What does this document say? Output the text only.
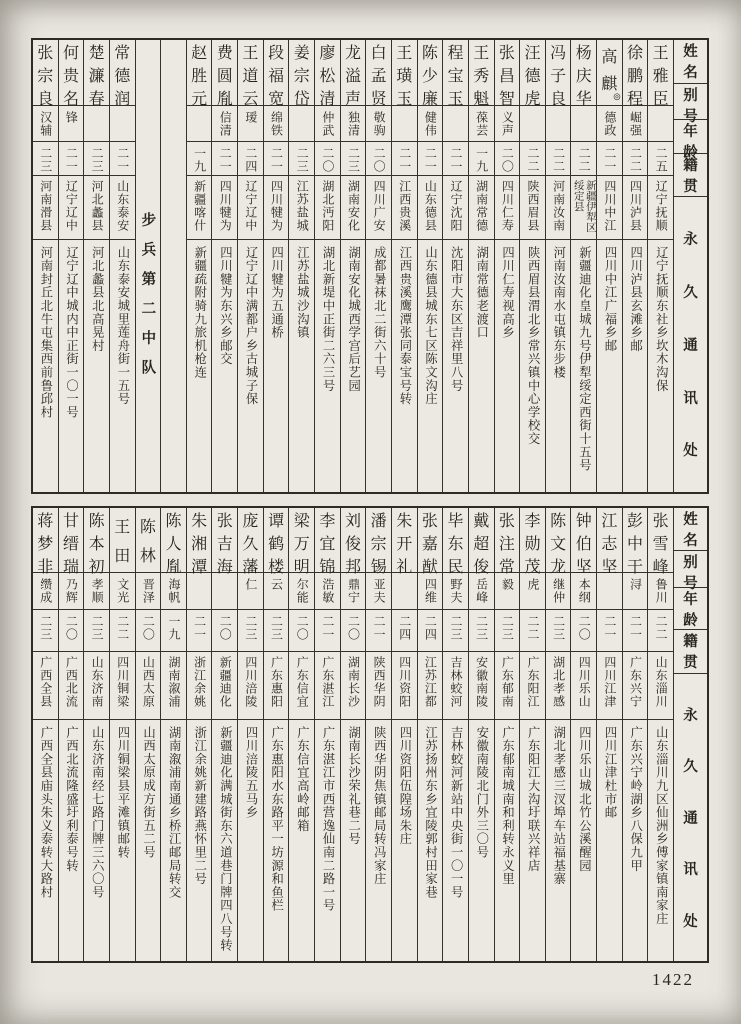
姓
名
别
号
年
龄
籍
贯
永
久
通
讯
处
王
雅
臣
二五
辽宁抚顺
辽宁抚顺东社乡坎木沟保
徐
鹏
程
崛强
二二
四川泸县
四川泸县玄滩乡邮
高
麒
◎
德政
二一
四川中江
四川中江广福乡邮
杨
庆
华
二二
新疆伊犁区绥定县
新疆迪化皇城九号伊犁绥定西街十五号
冯
子
良
二二
河南汝南
河南汝南水屯镇东步楼
汪
德
虎
二二
陕西眉县
陕西眉县渭北乡常兴镇中心学校交
张
昌
智
义声
二〇
四川仁寿
四川仁寿视高乡
王
秀
魁
葆芸
一九
湖南常德
湖南常德老渡口
程
宝
玉
二一
辽宁沈阳
沈阳市大东区吉祥里八号
陈
少
廉
健伟
二一
山东德县
山东德县城东七区陈文沟庄
王
璜
玉
二一
江西贵溪
江西贵溪鹰潭张同泰宝号转
白
孟
贤
敬驹
二〇
四川广安
成都暑袜北二街六十号
龙
溢
声
独清
二三
湖南安化
湖南安化城西学宫后艺园
廖
松
清
仲武
二〇
湖北沔阳
湖北新堤中正街二六三号
姜
宗
岱
二三
江苏盐城
江苏盐城沙沟镇
段
福
宽
绵铁
二一
四川犍为
四川犍为五通桥
王
道
云
瑷
二四
辽宁辽中
辽宁辽中满都户乡古城子保
费
圆
胤
信清
二一
四川犍为
四川犍为东兴乡邮交
赵
胜
元
一九
新疆喀什
新疆疏附骑九旅机枪连
步兵第二中队
常
德
润
二一
山东泰安
山东泰安城里莲舟街一五号
楚
濂
春
二三
河北蠡县
河北蠡县北高晃村
何
贵
名
锋
二一
辽宁辽中
辽宁辽中城内中正街一〇一号
张
宗
良
汉辅
二三
河南滑县
河南封丘北牛屯集西前鲁邱村
姓
名
别
号
年
龄
籍
贯
永
久
通
讯
处
张
雪
峰
鲁川
二二
山东淄川
山东淄川九区仙洲乡傅家镇南家庄
彭
中
干
浔
二一
广东兴宁
广东兴宁岭湖乡八保九甲
江
志
坚
二一
四川江津
四川江津杜市邮
钟
伯
坚
本纲
二〇
四川乐山
四川乐山城北竹公溪醒园
陈
文
龙
继仲
二三
湖北孝感
湖北孝感三汊埠车站福基寨
李
勋
茂
虎
二二
广东阳江
广东阳江大沟圩联兴祥店
张
注
常
毅
二三
广东郁南
广东郁南城南和利转永义里
戴
超
俊
岳峰
二三
安徽南陵
安徽南陵北门外三〇号
毕
东
民
野夫
二三
吉林蛟河
吉林蛟河新站中央街一〇一号
张
嘉
猷
四维
二四
江苏江都
江苏扬州东乡宜陵郭村田家巷
朱
开
礼
二四
四川资阳
四川资阳伍隍场朱庄
潘
宗
锡
亚夫
二一
陕西华阴
陕西华阴焦镇邮局转冯家庄
刘
俊
邦
鼎宁
二〇
湖南长沙
湖南长沙荣礼巷二号
李
宜
锦
浩敏
二一
广东湛江
广东湛江市西营逸仙南二路一号
梁
万
明
尔能
二〇
广东信宜
广东信宜高岭邮箱
谭
鹤
楼
云
二三
广东惠阳
广东惠阳水东路平一坊源和鱼栏
庞
久
藩
仁
二三
四川涪陵
四川涪陵五马乡
张
吉
海
二〇
新疆迪化
新疆迪化满城街东六道巷门牌四八号转
朱
湘
潭
二一
浙江余姚
浙江余姚新建路燕怀里二号
陈
人
胤
海帆
一九
湖南溆浦
湖南溆浦南通乡桥江邮局转交
陈
林
晋泽
二〇
山西太原
山西太原成方街五二号
王
田
文光
二二
四川铜梁
四川铜梁县平滩镇邮转
陈
本
初
孝顺
二三
山东济南
山东济南经七路门牌三六〇号
甘
缙
瑞
乃辉
二〇
广西北流
广西北流隆盛圩利泰号转
蒋
梦
非
缵成
二三
广西全县
广西全县庙头朱义泰转大路村
1422
